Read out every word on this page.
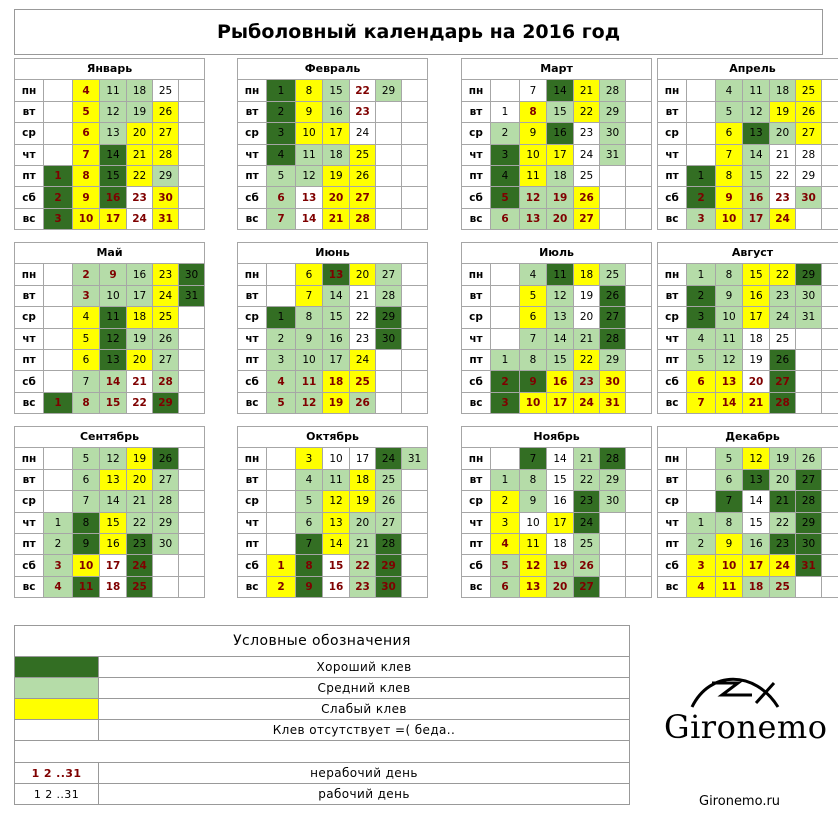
Рыболовный календарь на 2016 год
Январь						
пн		4	11	18	25	
вт		5	12	19	26	
ср		6	13	20	27	
чт		7	14	21	28	
пт	1	8	15	22	29	
сб	2	9	16	23	30	
вс	3	10	17	24	31	
Февраль						
пн	1	8	15	22	29	
вт	2	9	16	23		
ср	3	10	17	24		
чт	4	11	18	25		
пт	5	12	19	26		
сб	6	13	20	27		
вс	7	14	21	28		
Март						
пн		7	14	21	28	
вт	1	8	15	22	29	
ср	2	9	16	23	30	
чт	3	10	17	24	31	
пт	4	11	18	25		
сб	5	12	19	26		
вс	6	13	20	27		
Апрель						
пн		4	11	18	25	
вт		5	12	19	26	
ср		6	13	20	27	
чт		7	14	21	28	
пт	1	8	15	22	29	
сб	2	9	16	23	30	
вс	3	10	17	24		
Май						
пн		2	9	16	23	30
вт		3	10	17	24	31
ср		4	11	18	25	
чт		5	12	19	26	
пт		6	13	20	27	
сб		7	14	21	28	
вс	1	8	15	22	29	
Июнь						
пн		6	13	20	27	
вт		7	14	21	28	
ср	1	8	15	22	29	
чт	2	9	16	23	30	
пт	3	10	17	24		
сб	4	11	18	25		
вс	5	12	19	26		
Июль						
пн		4	11	18	25	
вт		5	12	19	26	
ср		6	13	20	27	
чт		7	14	21	28	
пт	1	8	15	22	29	
сб	2	9	16	23	30	
вс	3	10	17	24	31	
Август						
пн	1	8	15	22	29	
вт	2	9	16	23	30	
ср	3	10	17	24	31	
чт	4	11	18	25		
пт	5	12	19	26		
сб	6	13	20	27		
вс	7	14	21	28		
Сентябрь						
пн		5	12	19	26	
вт		6	13	20	27	
ср		7	14	21	28	
чт	1	8	15	22	29	
пт	2	9	16	23	30	
сб	3	10	17	24		
вс	4	11	18	25		
Октябрь						
пн		3	10	17	24	31
вт		4	11	18	25	
ср		5	12	19	26	
чт		6	13	20	27	
пт		7	14	21	28	
сб	1	8	15	22	29	
вс	2	9	16	23	30	
Ноябрь						
пн		7	14	21	28	
вт	1	8	15	22	29	
ср	2	9	16	23	30	
чт	3	10	17	24		
пт	4	11	18	25		
сб	5	12	19	26		
вс	6	13	20	27		
Декабрь						
пн		5	12	19	26	
вт		6	13	20	27	
ср		7	14	21	28	
чт	1	8	15	22	29	
пт	2	9	16	23	30	
сб	3	10	17	24	31	
вс	4	11	18	25		
Условные обозначения	
	Хороший клев
	Средний клев
	Слабый клев
	Клев отсутствует =( беда..

1 2 ..31	нерабочий день
1 2 ..31	рабочий день
Gironemo
Gironemo.ru
